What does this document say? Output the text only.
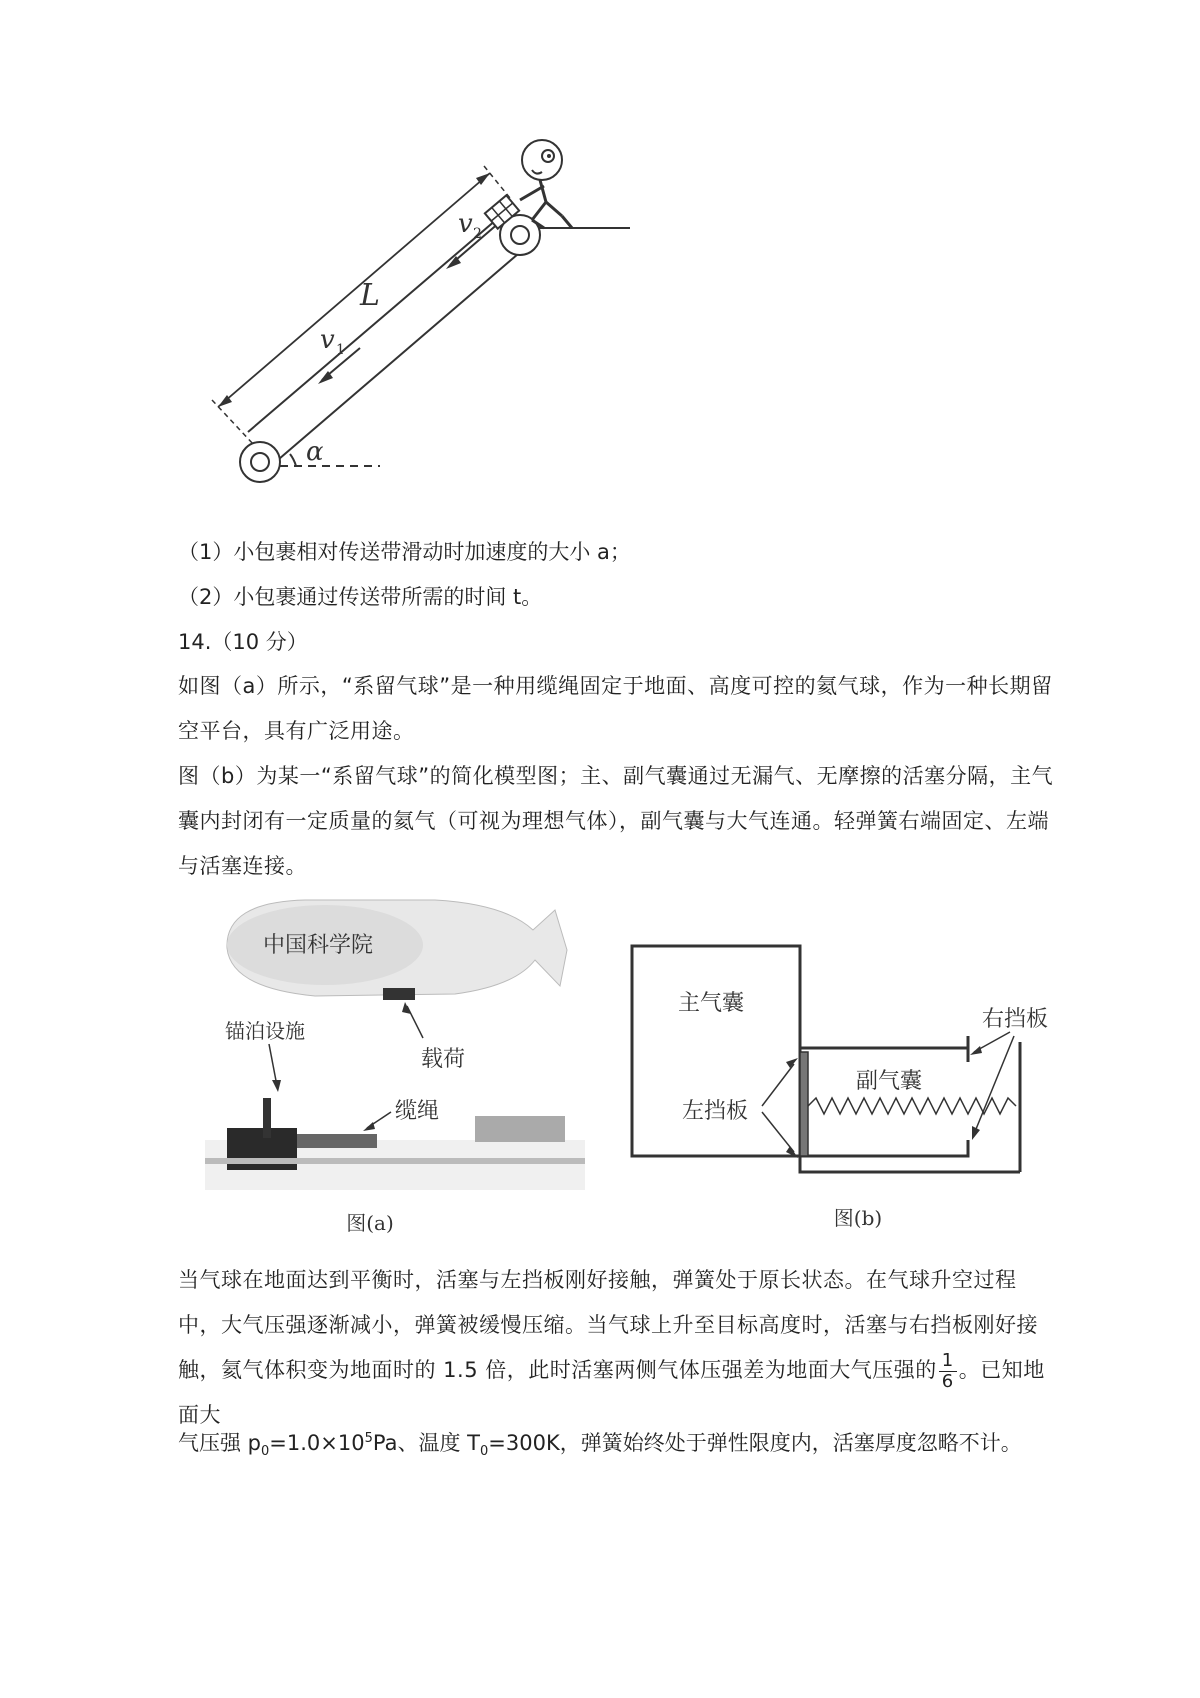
L
v 1
v 2
α
（1）小包裹相对传送带滑动时加速度的大小 a；
（2）小包裹通过传送带所需的时间 t。
14.（10 分）
如图（a）所示，“系留气球”是一种用缆绳固定于地面、高度可控的氦气球，作为一种长期留空平台，具有广泛用途。
图（b）为某一“系留气球”的简化模型图；主、副气囊通过无漏气、无摩擦的活塞分隔，主气囊内封闭有一定质量的氦气（可视为理想气体），副气囊与大气连通。轻弹簧右端固定、左端与活塞连接。
中国科学院
载荷
锚泊设施
缆绳
图(a)
主气囊
副气囊
左挡板
右挡板
图(b)
当气球在地面达到平衡时，活塞与左挡板刚好接触，弹簧处于原长状态。在气球升空过程中，大气压强逐渐减小，弹簧被缓慢压缩。当气球上升至目标高度时，活塞与右挡板刚好接触，氦气体积变为地面时的 1.5 倍，此时活塞两侧气体压强差为地面大气压强的 $\frac{1}{6}$ 。已知地面大
气压强 $p_0=1.0\times 10^5Pa$、温度 $T_0=300K$，弹簧始终处于弹性限度内，活塞厚度忽略不计。
